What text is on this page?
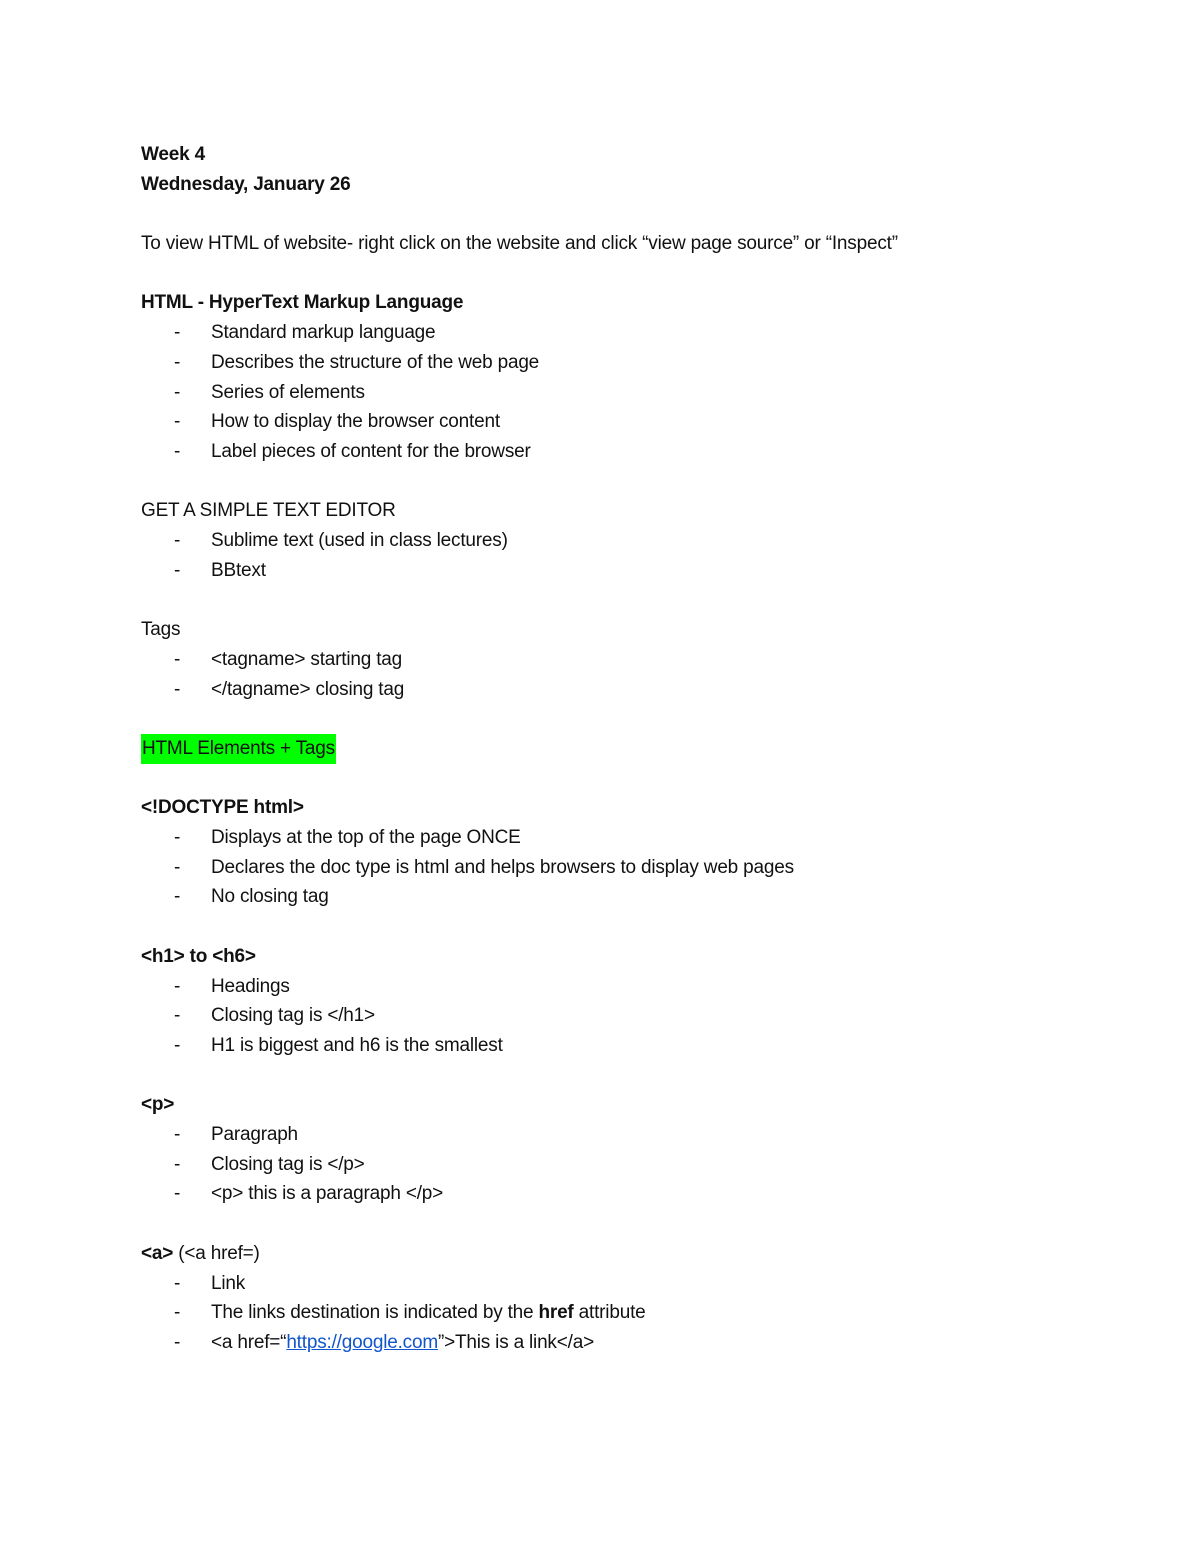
Week 4
Wednesday, January 26
To view HTML of website- right click on the website and click “view page source” or “Inspect”
HTML - HyperText Markup Language
- Standard markup language
- Describes the structure of the web page
- Series of elements
- How to display the browser content
- Label pieces of content for the browser
GET A SIMPLE TEXT EDITOR
- Sublime text (used in class lectures)
- BBtext
Tags
- <tagname> starting tag
- </tagname> closing tag
HTML Elements + Tags
<!DOCTYPE html>
- Displays at the top of the page ONCE
- Declares the doc type is html and helps browsers to display web pages
- No closing tag
<h1> to <h6>
- Headings
- Closing tag is </h1>
- H1 is biggest and h6 is the smallest
<p>
- Paragraph
- Closing tag is </p>
- <p> this is a paragraph </p>
<a> (<a href=)
- Link
- The links destination is indicated by the href attribute
- <a href=“https://google.com”>This is a link</a>
